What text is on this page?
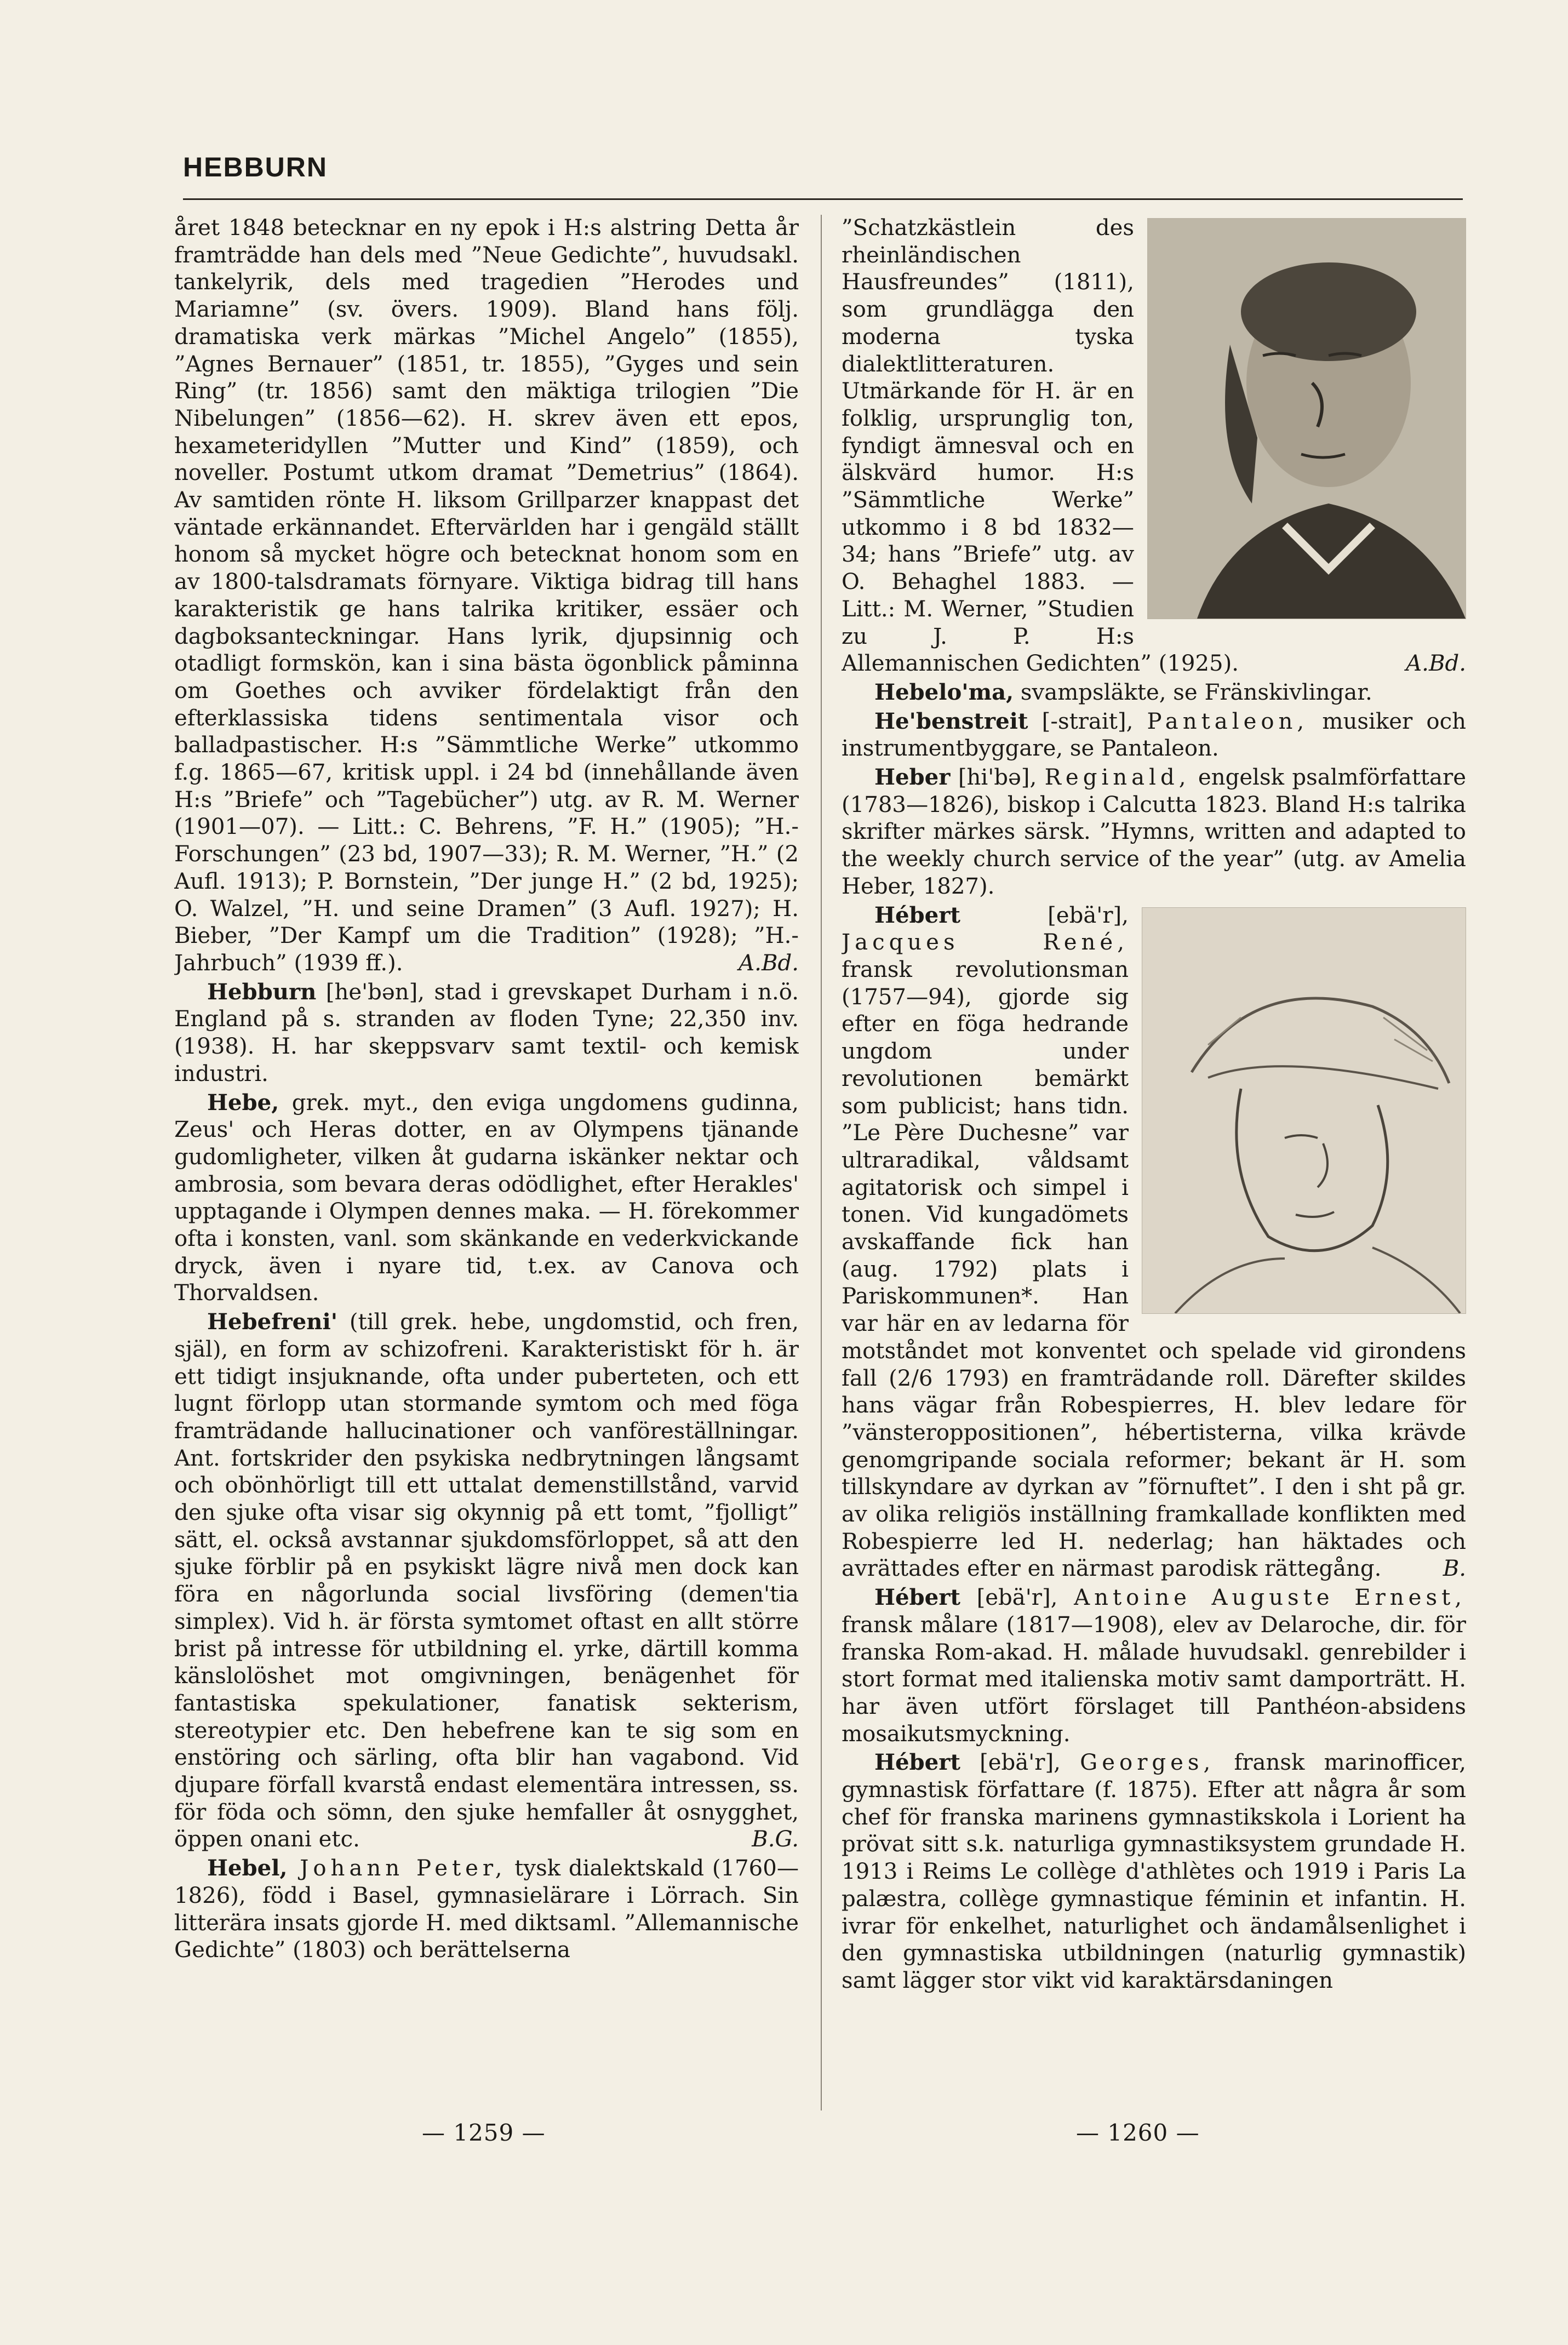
HEBBURN

året 1848 betecknar en ny epok i H:s alstring Detta år framträdde han dels med ”Neue Gedichte”, huvudsakl. tankelyrik, dels med tragedien ”Herodes und Mariamne” (sv. övers. 1909). Bland hans följ. dramatiska verk märkas ”Michel Angelo” (1855), ”Agnes Bernauer” (1851, tr. 1855), ”Gyges und sein Ring” (tr. 1856) samt den mäktiga trilogien ”Die Nibelungen” (1856—62). H. skrev även ett epos, hexameteridyllen ”Mutter und Kind” (1859), och noveller. Postumt utkom dramat ”Demetrius” (1864). Av samtiden rönte H. liksom Grillparzer knappast det väntade erkännandet. Eftervärlden har i gengäld ställt honom så mycket högre och betecknat honom som en av 1800-talsdramats förnyare. Viktiga bidrag till hans karakteristik ge hans talrika kritiker, essäer och dagboksanteckningar. Hans lyrik, djupsinnig och otadligt formskön, kan i sina bästa ögonblick påminna om Goethes och avviker fördelaktigt från den efterklassiska tidens sentimentala visor och balladpastischer. H:s ”Sämmtliche Werke” utkommo f.g. 1865—67, kritisk uppl. i 24 bd (innehållande även H:s ”Briefe” och ”Tagebücher”) utg. av R. M. Werner (1901—07). — Litt.: C. Behrens, ”F. H.” (1905); ”H.-Forschungen” (23 bd, 1907—33); R. M. Werner, ”H.” (2 Aufl. 1913); P. Bornstein, ”Der junge H.” (2 bd, 1925); O. Walzel, ”H. und seine Dramen” (3 Aufl. 1927); H. Bieber, ”Der Kampf um die Tradition” (1928); ”H.-Jahrbuch” (1939 ff.).	A.Bd.

Hebburn [he'bən], stad i grevskapet Durham i n.ö. England på s. stranden av floden Tyne; 22,350 inv. (1938). H. har skeppsvarv samt textil- och kemisk industri.

Hebe, grek. myt., den eviga ungdomens gudinna, Zeus' och Heras dotter, en av Olympens tjänande gudomligheter, vilken åt gudarna iskänker nektar och ambrosia, som bevara deras odödlighet, efter Herakles' upptagande i Olympen dennes maka. — H. förekommer ofta i konsten, vanl. som skänkande en vederkvickande dryck, även i nyare tid, t.ex. av Canova och Thorvaldsen.

Hebefreni' (till grek. hebe, ungdomstid, och fren, själ), en form av schizofreni. Karakteristiskt för h. är ett tidigt insjuknande, ofta under puberteten, och ett lugnt förlopp utan stormande symtom och med föga framträdande hallucinationer och vanföreställningar. Ant. fortskrider den psykiska nedbrytningen långsamt och obönhörligt till ett uttalat demenstillstånd, varvid den sjuke ofta visar sig okynnig på ett tomt, ”fjolligt” sätt, el. också avstannar sjukdomsförloppet, så att den sjuke förblir på en psykiskt lägre nivå men dock kan föra en någorlunda social livsföring (demen'tia simplex). Vid h. är första symtomet oftast en allt större brist på intresse för utbildning el. yrke, därtill komma känslolöshet mot omgivningen, benägenhet för fantastiska spekulationer, fanatisk sekterism, stereotypier etc. Den hebefrene kan te sig som en enstöring och särling, ofta blir han vagabond. Vid djupare förfall kvarstå endast elementära intressen, ss. för föda och sömn, den sjuke hemfaller åt osnygghet, öppen onani etc.	B.G.

Hebel, Johann Peter, tysk dialektskald (1760—1826), född i Basel, gymnasielärare i Lörrach. Sin litterära insats gjorde H. med diktsaml. ”Allemannische Gedichte” (1803) och berättelserna

”Schatzkästlein des rheinländischen Hausfreundes” (1811), som grundlägga den moderna tyska dialektlitteraturen. Utmärkande för H. är en folklig, ursprunglig ton, fyndigt ämnesval och en älskvärd humor. H:s ”Sämmtliche Werke” utkommo i 8 bd 1832—34; hans ”Briefe” utg. av O. Behaghel 1883. — Litt.: M. Werner, ”Studien zu J. P. H:s Allemannischen Gedichten” (1925).	A.Bd.

Hebelo'ma, svampsläkte, se Fränskivlingar.

He'benstreit [-strait], Pantaleon, musiker och instrumentbyggare, se Pantaleon.

Heber [hi'bə], Reginald, engelsk psalmförfattare (1783—1826), biskop i Calcutta 1823. Bland H:s talrika skrifter märkes särsk. ”Hymns, written and adapted to the weekly church service of the year” (utg. av Amelia Heber, 1827).

Hébert [ebä'r], Jacques René, fransk revolutionsman (1757—94), gjorde sig efter en föga hedrande ungdom under revolutionen bemärkt som publicist; hans tidn. ”Le Père Duchesne” var ultraradikal, våldsamt agitatorisk och simpel i tonen. Vid kungadömets avskaffande fick han (aug. 1792) plats i Pariskommunen*. Han var här en av ledarna för motståndet mot konventet och spelade vid girondens fall (2/6 1793) en framträdande roll. Därefter skildes hans vägar från Robespierres, H. blev ledare för ”vänsteroppositionen”, hébertisterna, vilka krävde genomgripande sociala reformer; bekant är H. som tillskyndare av dyrkan av ”förnuftet”. I den i sht på gr. av olika religiös inställning framkallade konflikten med Robespierre led H. nederlag; han häktades och avrättades efter en närmast parodisk rättegång.	B.

Hébert [ebä'r], Antoine Auguste Ernest, fransk målare (1817—1908), elev av Delaroche, dir. för franska Rom-akad. H. målade huvudsakl. genrebilder i stort format med italienska motiv samt damporträtt. H. har även utfört förslaget till Panthéon-absidens mosaikutsmyckning.

Hébert [ebä'r], Georges, fransk marinofficer, gymnastisk författare (f. 1875). Efter att några år som chef för franska marinens gymnastikskola i Lorient ha prövat sitt s.k. naturliga gymnastiksystem grundade H. 1913 i Reims Le collège d'athlètes och 1919 i Paris La palæstra, collège gymnastique féminin et infantin. H. ivrar för enkelhet, naturlighet och ändamålsenlighet i den gymnastiska utbildningen (naturlig gymnastik) samt lägger stor vikt vid karaktärsdaningen

— 1259 —	— 1260 —
